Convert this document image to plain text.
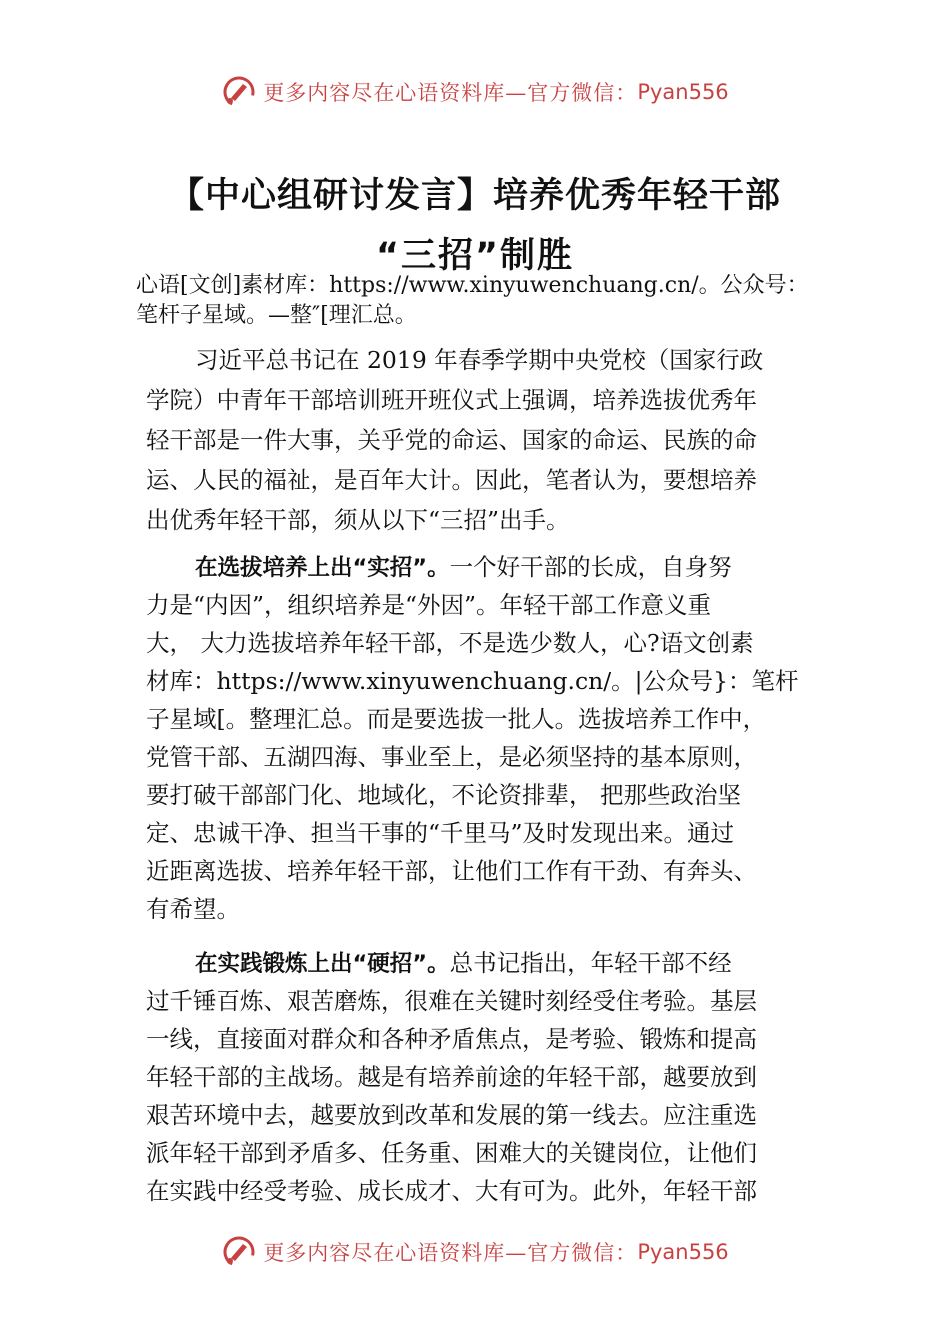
更多内容尽在心语资料库—官方微信： Pyan556
【中心组研讨发言】培养优秀年轻干部
“三招”制胜
心语[文创]素材库：https://www.xinyuwenchuang.cn/。公众号：
笔杆子星域。—整″[理汇总。
习近平总书记在 2019 年春季学期中央党校（国家行政
学院）中青年干部培训班开班仪式上强调，培养选拔优秀年
轻干部是一件大事，关乎党的命运、国家的命运、民族的命
运、人民的福祉，是百年大计。因此，笔者认为，要想培养
出优秀年轻干部，须从以下“三招”出手。
在选拔培养上出“实招”。一个好干部的长成，自身努
力是“内因”，组织培养是“外因”。年轻干部工作意义重
大， 大力选拔培养年轻干部，不是选少数人，心?语文创素
材库：https://www.xinyuwenchuang.cn/。|公众号}：笔杆
子星域[。整理汇总。而是要选拔一批人。选拔培养工作中，
党管干部、五湖四海、事业至上，是必须坚持的基本原则，
要打破干部部门化、地域化，不论资排辈， 把那些政治坚
定、忠诚干净、担当干事的“千里马”及时发现出来。通过
近距离选拔、培养年轻干部，让他们工作有干劲、有奔头、
有希望。
在实践锻炼上出“硬招”。总书记指出，年轻干部不经
过千锤百炼、艰苦磨炼，很难在关键时刻经受住考验。基层
一线，直接面对群众和各种矛盾焦点，是考验、锻炼和提高
年轻干部的主战场。越是有培养前途的年轻干部，越要放到
艰苦环境中去，越要放到改革和发展的第一线去。应注重选
派年轻干部到矛盾多、任务重、困难大的关键岗位，让他们
在实践中经受考验、成长成才、大有可为。此外，年轻干部
更多内容尽在心语资料库—官方微信： Pyan556
